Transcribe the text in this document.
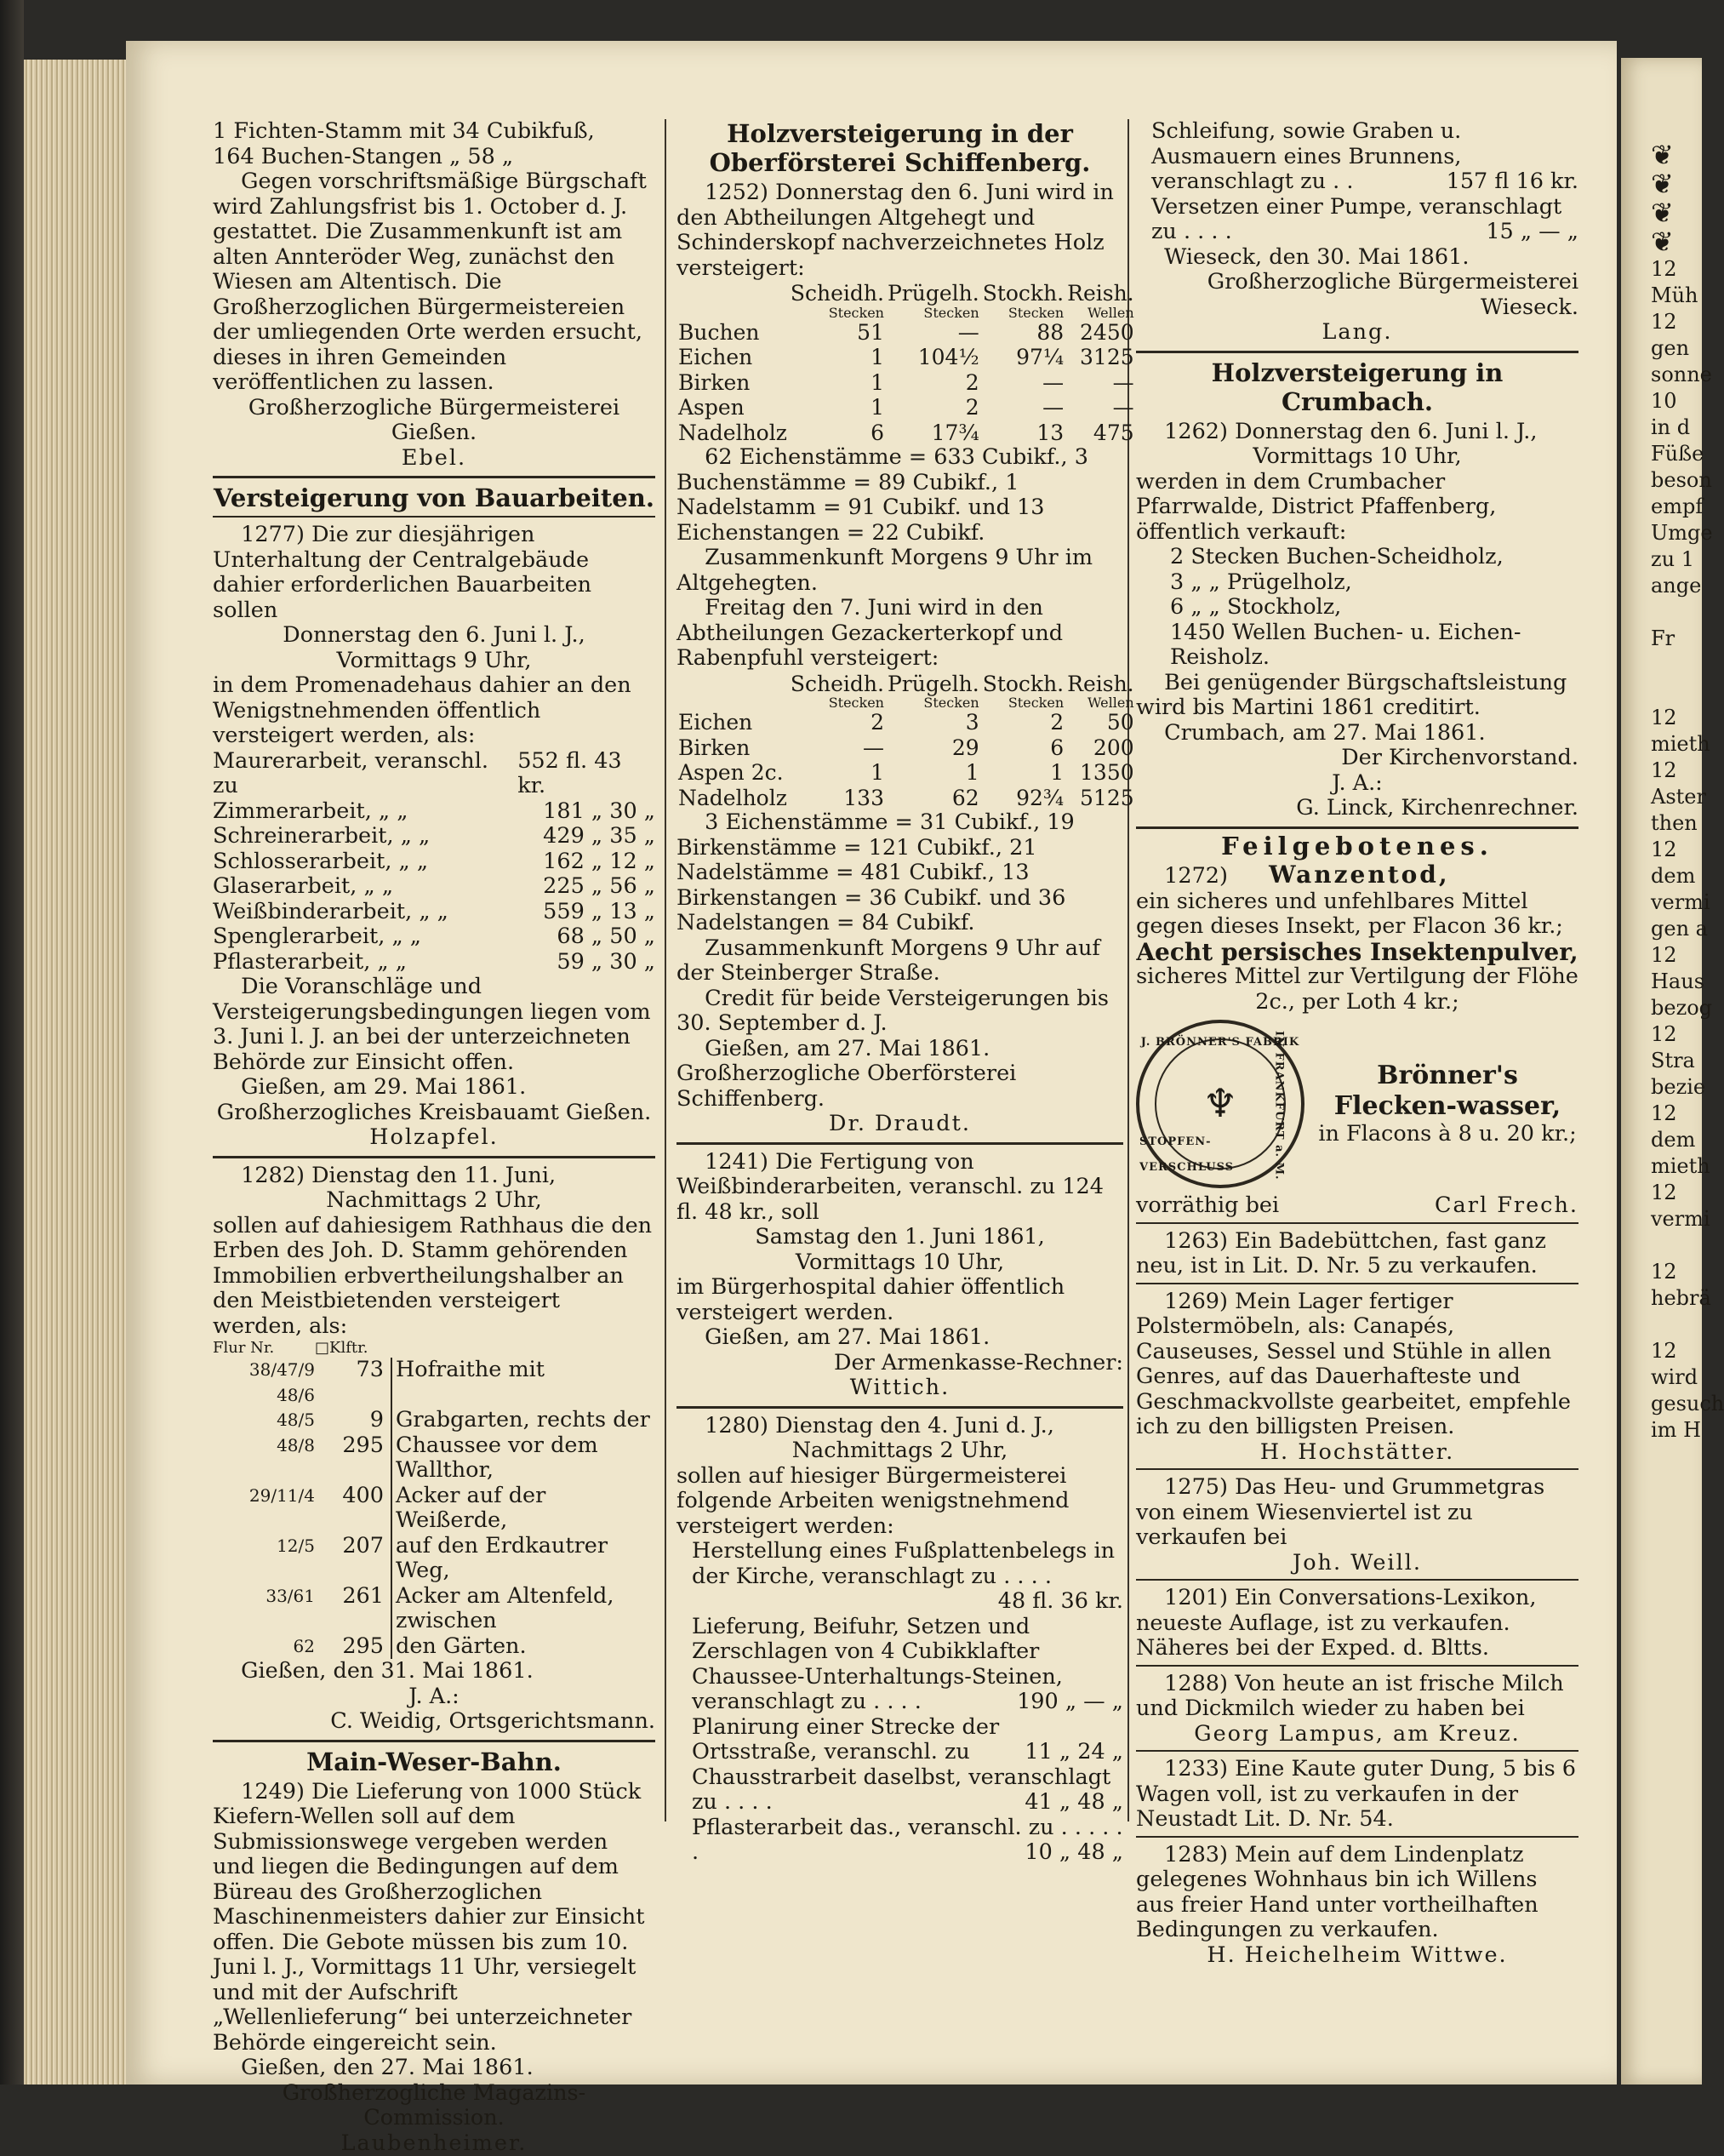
1 Fichten-Stamm mit 34 Cubikfuß,

164 Buchen-Stangen „ 58 „

Gegen vorschriftsmäßige Bürgschaft wird Zahlungsfrist bis 1. October d. J. gestattet. Die Zusammenkunft ist am alten Annteröder Weg, zunächst den Wiesen am Altentisch. Die Großherzoglichen Bürgermeistereien der umliegenden Orte werden ersucht, dieses in ihren Gemeinden veröffentlichen zu lassen.

Großherzogliche Bürgermeisterei Gießen.

Ebel.

Versteigerung von Bauarbeiten.

1277) Die zur diesjährigen Unterhaltung der Centralgebäude dahier erforderlichen Bauarbeiten sollen

Donnerstag den 6. Juni l. J.,

Vormittags 9 Uhr,

in dem Promenadehaus dahier an den Wenigstnehmenden öffentlich versteigert werden, als:

Maurerarbeit, veranschl. zu
552 fl. 43 kr.
Zimmerarbeit, „ „	181 „ 30 „
Schreinerarbeit, „ „	429 „ 35 „
Schlosserarbeit, „ „	162 „ 12 „
Glaserarbeit, „ „	225 „ 56 „
Weißbinderarbeit, „ „	559 „ 13 „
Spenglerarbeit, „ „	68 „ 50 „
Pflasterarbeit, „ „	59 „ 30 „

Die Voranschläge und Versteigerungsbedingungen liegen vom 3. Juni l. J. an bei der unterzeichneten Behörde zur Einsicht offen.

Gießen, am 29. Mai 1861.

Großherzogliches Kreisbauamt Gießen.

Holzapfel.

1282) Dienstag den 11. Juni,

Nachmittags 2 Uhr,

sollen auf dahiesigem Rathhaus die den Erben des Joh. D. Stamm gehörenden Immobilien erbvertheilungshalber an den Meistbietenden versteigert werden, als:

Flur Nr.	□Klftr.
38/47/9	73 Hofraithe mit
48/6
48/5	9 Grabgarten, rechts der
48/8	295 Chaussee vor dem Wallthor,
29/11/4	400 Acker auf der Weißerde,
12/5	207 auf den Erdkautrer Weg,
33/61	261 Acker am Altenfeld, zwischen
62	295 den Gärten.

Gießen, den 31. Mai 1861.

J. A.:

C. Weidig, Ortsgerichtsmann.

Main-Weser-Bahn.

1249) Die Lieferung von 1000 Stück Kiefern-Wellen soll auf dem Submissionswege vergeben werden und liegen die Bedingungen auf dem Büreau des Großherzoglichen Maschinenmeisters dahier zur Einsicht offen. Die Gebote müssen bis zum 10. Juni l. J., Vormittags 11 Uhr, versiegelt und mit der Aufschrift „Wellenlieferung“ bei unterzeichneter Behörde eingereicht sein.

Gießen, den 27. Mai 1861.

Großherzogliche Magazins-Commission.

Laubenheimer.

Holzversteigerung in der Oberförsterei Schiffenberg.

1252) Donnerstag den 6. Juni wird in den Abtheilungen Altgehegt und Schinderskopf nachverzeichnetes Holz versteigert:

	Scheidh.	Prügelh.	Stockh.	Reish.
	Stecken	Stecken	Stecken	Wellen
Buchen	51	—	88	2450
Eichen	1	104½	97¼	3125
Birken	1	2	—	—
Aspen	1	2	—	—
Nadelholz	6	17¾	13	475

62 Eichenstämme = 633 Cubikf., 3 Buchenstämme = 89 Cubikf., 1 Nadelstamm = 91 Cubikf. und 13 Eichenstangen = 22 Cubikf.

Zusammenkunft Morgens 9 Uhr im Altgehegten.

Freitag den 7. Juni wird in den Abtheilungen Gezackerterkopf und Rabenpfuhl versteigert:

	Scheidh.	Prügelh.	Stockh.	Reish.
	Stecken	Stecken	Stecken	Wellen
Eichen	2	3	2	50
Birken	—	29	6	200
Aspen 2c.	1	1	1	1350
Nadelholz	133	62	92¾	5125

3 Eichenstämme = 31 Cubikf., 19 Birkenstämme = 121 Cubikf., 21 Nadelstämme = 481 Cubikf., 13 Birkenstangen = 36 Cubikf. und 36 Nadelstangen = 84 Cubikf.

Zusammenkunft Morgens 9 Uhr auf der Steinberger Straße.

Credit für beide Versteigerungen bis 30. September d. J.

Gießen, am 27. Mai 1861.

Großherzogliche Oberförsterei Schiffenberg.

Dr. Draudt.

1241) Die Fertigung von Weißbinderarbeiten, veranschl. zu 124 fl. 48 kr., soll

Samstag den 1. Juni 1861,

Vormittags 10 Uhr,

im Bürgerhospital dahier öffentlich versteigert werden.

Gießen, am 27. Mai 1861.

Der Armenkasse-Rechner:

Wittich.

1280) Dienstag den 4. Juni d. J.,

Nachmittags 2 Uhr,

sollen auf hiesiger Bürgermeisterei folgende Arbeiten wenigstnehmend versteigert werden:

Herstellung eines Fußplattenbelegs in der Kirche, veranschlagt zu . . . .
48 fl. 36 kr.
Lieferung, Beifuhr, Setzen und Zerschlagen von 4 Cubikklafter Chaussee-Unterhaltungs-Steinen, veranschlagt zu . . . .	190 „ — „
Planirung einer Strecke der Ortsstraße, veranschl. zu	11 „ 24 „
Chausstrarbeit daselbst, veranschlagt zu . . . .	41 „ 48 „
Pflasterarbeit das., veranschl. zu . . . . . .	10 „ 48 „
Schleifung, sowie Graben u. Ausmauern eines Brunnens, veranschlagt zu . .	157 fl 16 kr.
Versetzen einer Pumpe, veranschlagt zu . . . .	15 „ — „

Wieseck, den 30. Mai 1861.

Großherzogliche Bürgermeisterei Wieseck.

Lang.

Holzversteigerung in Crumbach.

1262) Donnerstag den 6. Juni l. J.,

Vormittags 10 Uhr,

werden in dem Crumbacher Pfarrwalde, District Pfaffenberg, öffentlich verkauft:

2 Stecken Buchen-Scheidholz,

3 „ „ Prügelholz,

6 „ „ Stockholz,

1450 Wellen Buchen- u. Eichen-Reisholz.

Bei genügender Bürgschaftsleistung wird bis Martini 1861 creditirt.

Crumbach, am 27. Mai 1861.

Der Kirchenvorstand.

J. A.:

G. Linck, Kirchenrechner.

Feilgebotenes.

1272) Wanzentod,

ein sicheres und unfehlbares Mittel gegen dieses Insekt, per Flacon 36 kr.;

Aecht persisches Insektenpulver,

sicheres Mittel zur Vertilgung der Flöhe 2c., per Loth 4 kr.;

J. BRÖNNER'S FABRIK
IN FRANKFURT a. M.
STOPFEN-VERSCHLUSS
♆

Brönner's Flecken-wasser,

in Flacons à 8 u. 20 kr.;

vorräthig bei	Carl Frech.

1263) Ein Badebüttchen, fast ganz neu, ist in Lit. D. Nr. 5 zu verkaufen.

1269) Mein Lager fertiger Polstermöbeln, als: Canapés, Causeuses, Sessel und Stühle in allen Genres, auf das Dauerhafteste und Geschmackvollste gearbeitet, empfehle ich zu den billigsten Preisen.

H. Hochstätter.

1275) Das Heu- und Grummetgras von einem Wiesenviertel ist zu verkaufen bei

Joh. Weill.

1201) Ein Conversations-Lexikon, neueste Auflage, ist zu verkaufen. Näheres bei der Exped. d. Bltts.

1288) Von heute an ist frische Milch und Dickmilch wieder zu haben bei

Georg Lampus, am Kreuz.

1233) Eine Kaute guter Dung, 5 bis 6 Wagen voll, ist zu verkaufen in der Neustadt Lit. D. Nr. 54.

1283) Mein auf dem Lindenplatz gelegenes Wohnhaus bin ich Willens aus freier Hand unter vortheilhaften Bedingungen zu verkaufen.

H. Heichelheim Wittwe.

❦
❦
❦
❦
12
Müh
12
gen
sonne
10
in d
Füße
beson
empf
Umge
zu 1
ange
Fr
12
mieth
12
Aster
then
12
dem
vermi
gen a
12
Haus
bezog
12
Stra
bezie
12
dem
mieth
12
vermi
12
hebrä
12
wird
gesuch
im H
